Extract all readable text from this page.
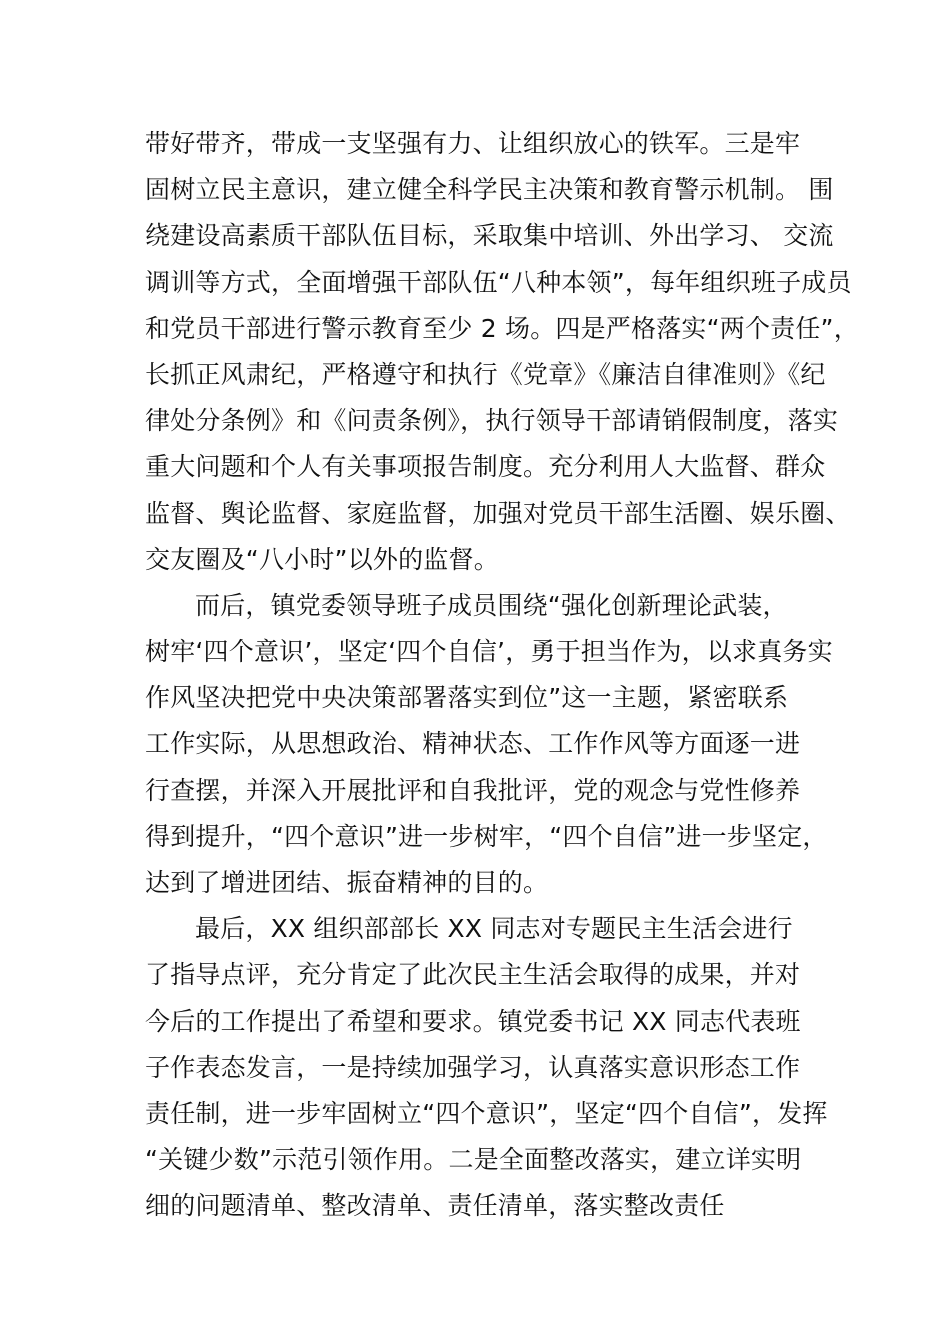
带好带齐，带成一支坚强有力、让组织放心的铁军。三是牢
固树立民主意识，建立健全科学民主决策和教育警示机制。 围
绕建设高素质干部队伍目标，采取集中培训、外出学习、 交流
调训等方式，全面增强干部队伍“八种本领”，每年组织班子成员
和党员干部进行警示教育至少 2 场。四是严格落实“两个责任”，
长抓正风肃纪，严格遵守和执行《党章》《廉洁自律准则》《纪
律处分条例》和《问责条例》，执行领导干部请销假制度，落实
重大问题和个人有关事项报告制度。充分利用人大监督、群众
监督、舆论监督、家庭监督，加强对党员干部生活圈、娱乐圈、
交友圈及“八小时”以外的监督。
而后，镇党委领导班子成员围绕“强化创新理论武装，
树牢‘四个意识’，坚定‘四个自信’，勇于担当作为，以求真务实
作风坚决把党中央决策部署落实到位”这一主题，紧密联系
工作实际，从思想政治、精神状态、工作作风等方面逐一进
行查摆，并深入开展批评和自我批评，党的观念与党性修养
得到提升，“四个意识”进一步树牢，“四个自信”进一步坚定，
达到了增进团结、振奋精神的目的。
最后，XX 组织部部长 XX 同志对专题民主生活会进行
了指导点评，充分肯定了此次民主生活会取得的成果，并对
今后的工作提出了希望和要求。镇党委书记 XX 同志代表班
子作表态发言，一是持续加强学习，认真落实意识形态工作
责任制，进一步牢固树立“四个意识”，坚定“四个自信”，发挥
“关键少数”示范引领作用。二是全面整改落实，建立详实明
细的问题清单、整改清单、责任清单，落实整改责任
